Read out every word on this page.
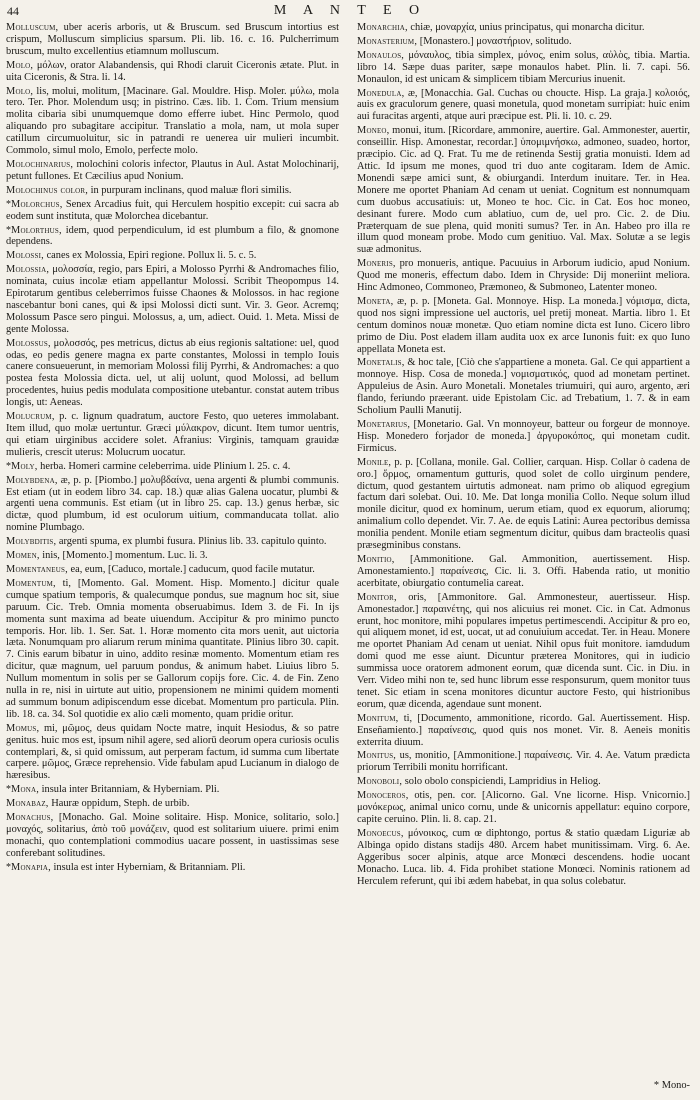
44	M A N T E O

Molluscum, uber aceris arboris, ut & Bruscum. sed Bruscum intortius est crispum, Molluscum simplicius sparsum. Pli. lib. 16. c. 16. Pulcherrimum bruscum, multo excellentius etiamnum molluscum.

Molo, μόλων, orator Alabandensis, qui Rhodi claruit Ciceronis ætate. Plut. in uita Ciceronis, & Stra. li. 14.

Molo, lis, molui, molitum, [Macinare. Gal. Mouldre. Hisp. Moler. μύλω, mola tero. Ter. Phor. Molendum usq; in pistrino. Cæs. lib. 1. Com. Trium mensium molita cibaria sibi unumquemque domo efferre iubet. Hinc Permolo, quod aliquando pro subagitare accipitur. Translatio a mola, nam, ut mola super catillum circumuoluitur, sic in patrandi re uenerea uir mulieri incumbit. Commolo, simul molo, Emolo, perfecte molo.

Molochinarius, molochini coloris infector, Plautus in Aul. Astat Molochinarij, petunt fullones. Et Cæcilius apud Nonium.

Molochinus color, in purpuram inclinans, quod maluæ flori similis.

*Molorchus, Senex Arcadius fuit, qui Herculem hospitio excepit: cui sacra ab eodem sunt instituta, quæ Molorchea dicebantur.

*Molorthus, idem, quod perpendiculum, id est plumbum a filo, & gnomone dependens.

Molossi, canes ex Molossia, Epiri regione. Pollux li. 5. c. 5.

Molossia, μολοσσία, regio, pars Epiri, a Molosso Pyrrhi & Andromaches filio, nominata, cuius incolæ etiam appellantur Molossi. Scribit Theopompus 14. Epirotarum gentibus celeberrimos fuisse Chaones & Molossos. in hac regione nascebantur boni canes, qui & ipsi Molossi dicti sunt. Vir. 3. Geor. Acremq; Molossum Pasce sero pingui. Molossus, a, um, adiect. Ouid. 1. Meta. Missi de gente Molossa.

Molossus, μολοσσός, pes metricus, dictus ab eius regionis saltatione: uel, quod odas, eo pedis genere magna ex parte constantes, Molossi in templo Iouis canere consueuerunt, in memoriam Molossi filij Pyrrhi, & Andromaches: a quo postea festa Molossia dicta. uel, ut alij uolunt, quod Molossi, ad bellum procedentes, huius pedis modulata compositione utebantur. constat autem tribus longis, ut: Aeneas.

Molucrum, p. c. lignum quadratum, auctore Festo, quo ueteres immolabant. Item illud, quo molæ uertuntur. Græci μύλακρον, dicunt. Item tumor uentris, qui etiam uirginibus accidere solet. Afranius: Virginis, tamquam grauidæ mulieris, crescit uterus: Molucrum uocatur.

*Moly, herba. Homeri carmine celeberrima. uide Plinium l. 25. c. 4.

Molybdena, æ, p. p. [Piombo.] μολυβδαίνα, uena argenti & plumbi communis. Est etiam (ut in eodem libro 34. cap. 18.) quæ alias Galena uocatur, plumbi & argenti uena communis. Est etiam (ut in libro 25. cap. 13.) genus herbæ, sic dictæ, quod plumbum, id est oculorum uitium, commanducata tollat. alio nomine Plumbago.

Molybditis, argenti spuma, ex plumbi fusura. Plinius lib. 33. capitulo quinto.

Momen, inis, [Momento.] momentum. Luc. li. 3.

Momentaneus, ea, eum, [Caduco, mortale.] caducum, quod facile mutatur.

Momentum, ti, [Momento. Gal. Moment. Hisp. Momento.] dicitur quale cumque spatium temporis, & qualecumque pondus, sue magnum hoc sit, siue paruum. Cic. Treb. Omnia momenta obseruabimus. Idem 3. de Fi. In ijs momenta sunt maxima ad beate uiuendum. Accipitur & pro minimo puncto temporis. Hor. lib. 1. Ser. Sat. 1. Horæ momento cita mors uenit, aut uictoria læta. Nonumquam pro aliarum rerum minima quantitate. Plinius libro 30. capit. 7. Cinis earum bibatur in uino, addito resinæ momento. Momentum etiam res dicitur, quæ magnum, uel paruum pondus, & animum habet. Liuius libro 5. Nullum momentum in solis per se Gallorum copijs fore. Cic. 4. de Fin. Zeno nulla in re, nisi in uirtute aut uitio, propensionem ne minimi quidem momenti ad summum bonum adipiscendum esse dicebat. Momentum pro particula. Plin. lib. 18. ca. 34. Sol quotidie ex alio cæli momento, quam pridie oritur.

Momus, mi, μῶμος, deus quidam Nocte matre, inquit Hesiodus, & so patre genitus. huic mos est, ipsum nihil agere, sed aliorū deorum opera curiosis oculis contemplari, &, si quid omissum, aut perperam factum, id summa cum libertate carpere. μῶμος, Græce reprehensio. Vide fabulam apud Lucianum in dialogo de hæresibus.

*Mona, insula inter Britanniam, & Hyberniam. Pli.

Monabaz, Hauræ oppidum, Steph. de urbib.

Monachus, [Monacho. Gal. Moine solitaire. Hisp. Monice, solitario, solo.] μοναχός, solitarius, ἀπὸ τοῦ μονάζειν, quod est solitarium uiuere. primi enim monachi, quo contemplationi commodius uacare possent, in uastissimas sese conferebant solitudines.

*Monapia, insula est inter Hyberniam, & Britanniam. Pli.

Monarchia, chiæ, μοναρχία, unius principatus, qui monarcha dicitur.

Monasterium, [Monastero.] μοναστήριον, solitudo.

Monaulos, μόναυλος, tibia simplex, μόνος, enim solus, αὐλὸς, tibia. Martia. libro 14. Sæpe duas pariter, sæpe monaulos habet. Plin. li. 7. capi. 56. Monaulon, id est unicam & simplicem tibiam Mercurius inuenit.

Monedula, æ, [Monacchia. Gal. Cuchas ou choucte. Hisp. La graja.] κολοιός, auis ex graculorum genere, quasi monetula, quod monetam surripiat: huic enim aui furacitas argenti, atque auri præcipue est. Pli. li. 10. c. 29.

Moneo, monui, itum. [Ricordare, ammonire, auertire. Gal. Ammonester, auertir, conseillir. Hisp. Amonestar, recordar.] ὑπομιμνήσκω, admoneo, suadeo, hortor, præcipio. Cic. ad Q. Frat. Tu me de retinenda Sestij gratia monuisti. Idem ad Attic. Id ipsum me mones, quod tri duo ante cogitaram. Idem de Amic. Monendi sæpe amici sunt, & obiurgandi. Interdum inuitare. Ter. in Hea. Monere me oportet Phaniam Ad cenam ut ueniat. Cognitum est nonnumquam cum duobus accusatiuis: ut, Moneo te hoc. Cic. in Cat. Eos hoc moneo, desinant furere. Modo cum ablatiuo, cum de, uel pro. Cic. 2. de Diu. Præterquam de sue plena, quid moniti sumus? Ter. in An. Habeo pro illa re illum quod moneam probe. Modo cum genitiuo. Val. Max. Solutæ a se legis suæ admonitus.

Moneris, pro monueris, antique. Pacuuius in Arborum iudicio, apud Nonium. Quod me moneris, effectum dabo. Idem in Chryside: Dij moneriint meliora. Hinc Admoneo, Commoneo, Præmoneo, & Submoneo, Latenter moneo.

Moneta, æ, p. p. [Moneta. Gal. Monnoye. Hisp. La moneda.] νόμισμα, dicta, quod nos signi impressione uel auctoris, uel pretij moneat. Martia. libro 1. Et centum dominos nouæ monetæ. Quo etiam nomine dicta est Iuno. Cicero libro primo de Diu. Post eladem illam audita uox ex arce Iunonis fuit: ex quo Iuno appellata Moneta est.

Monetalis, & hoc tale, [Ciò che s'appartiene a moneta. Gal. Ce qui appartient a monnoye. Hisp. Cosa de moneda.] νομισματικός, quod ad monetam pertinet. Appuleius de Asin. Auro Monetali. Monetales triumuiri, qui auro, argento, æri flando, feriundo præerant. uide Epistolam Cic. ad Trebatium, 1. 7. & in eam Scholium Paulli Manutij.

Monetarius, [Monetario. Gal. Vn monnoyeur, batteur ou forgeur de monnoye. Hisp. Monedero forjador de moneda.] ἀργυροκόπος, qui monetam cudit. Firmicus.

Monile, p. p. [Collana, monile. Gal. Collier, carquan. Hisp. Collar ò cadena de oro.] ὅρμος, ornamentum gutturis, quod solet de collo uirginum pendere, dictum, quod gestantem uirtutis admoneat. nam primo ob aliquod egregium factum dari solebat. Oui. 10. Me. Dat longa monilia Collo. Neque solum illud monile dicitur, quod ex hominum, uerum etiam, quod ex equorum, aliorumq; animalium collo dependet. Vir. 7. Ae. de equis Latini: Aurea pectoribus demissa monilia pendent. Monile etiam segmentum dicitur, quibus dam bracteolis quasi præsegminibus constans.

Monitio, [Ammonitione. Gal. Ammonition, auertissement. Hisp. Amonestamiento.] παραίνεσις, Cic. li. 3. Offi. Habenda ratio, ut monitio acerbitate, obiurgatio contumelia careat.

Monitor, oris, [Ammonitore. Gal. Ammonesteur, auertisseur. Hisp. Amonestador.] παραινέτης, qui nos alicuius rei monet. Cic. in Cat. Admonus erunt, hoc monitore, mihi populares impetus pertimescendi. Accipitur & pro eo, qui aliquem monet, id est, uocat, ut ad conuiuium accedat. Ter. in Heau. Monere me oportet Phaniam Ad cenam ut ueniat. Nihil opus fuit monitore. iamdudum domi quod me esse aiunt. Dicuntur præterea Monitores, qui in iudicio summissa uoce oratorem admonent eorum, quæ dicenda sunt. Cic. in Diu. in Verr. Video mihi non te, sed hunc librum esse responsurum, quem monitor tuus tenet. Sic etiam in scena monitores dicuntur auctore Festo, qui histrionibus eorum, quæ dicenda, agendaue sunt monent.

Monitum, ti, [Documento, ammonitione, ricordo. Gal. Auertissement. Hisp. Enseñamiento.] παραίνεσις, quod quis nos monet. Vir. 8. Aeneis monitis exterrita diuum.

Monitus, us, monitio, [Ammonitione.] παραίνεσις. Vir. 4. Ae. Vatum prædicta priorum Terribili monitu horrificant.

Monoboli, solo obolo conspiciendi, Lampridius in Heliog.

Monoceros, otis, pen. cor. [Alicorno. Gal. Vne licorne. Hisp. Vnicornio.] μονόκερως, animal unico cornu, unde & unicornis appellatur: equino corpore, capite ceruino. Plin. li. 8. cap. 21.

Monoecus, μόνοικος, cum œ diphtongo, portus & statio quædam Liguriæ ab Albinga opido distans stadijs 480. Arcem habet munitissimam. Virg. 6. Ae. Aggeribus socer alpinis, atque arce Monœci descendens. hodie uocant Monacho. Luca. lib. 4. Fida prohibet statione Monœci. Nominis rationem ad Herculem referunt, qui ibi ædem habebat, in qua solus colebatur.

* Mono-
